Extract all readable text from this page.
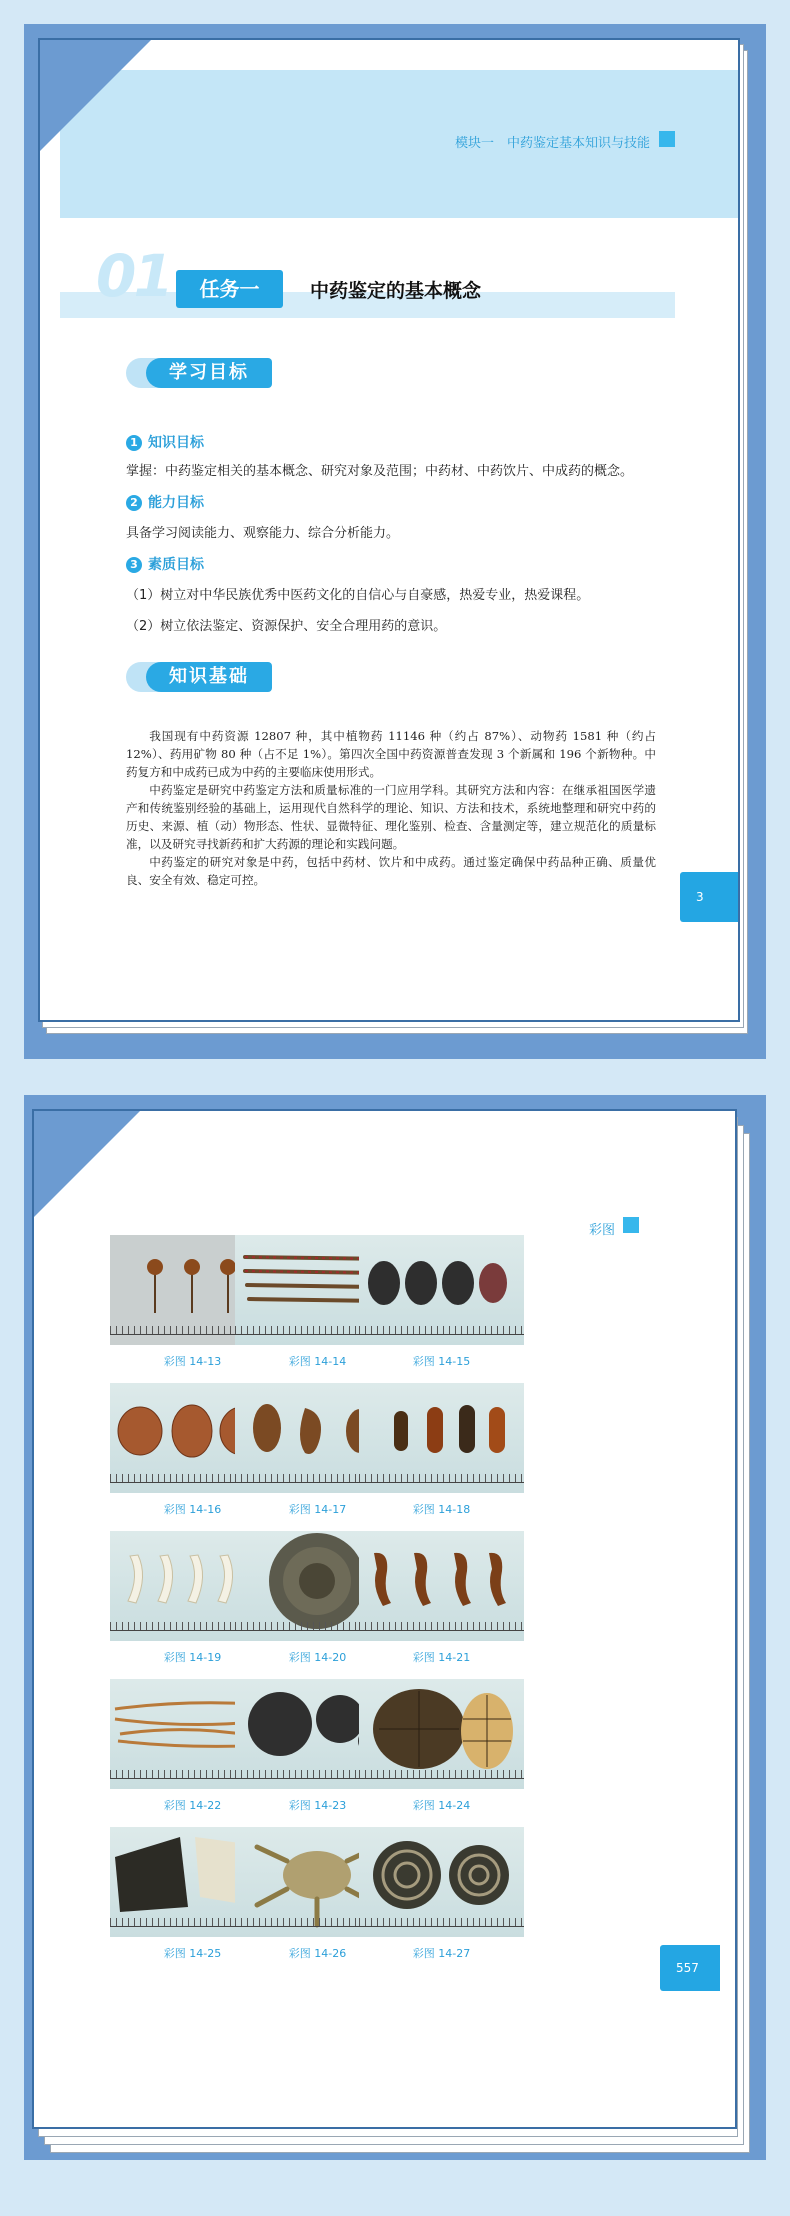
模块一　中药鉴定基本知识与技能
01	任务一	中药鉴定的基本概念
学习目标
1 知识目标
掌握：中药鉴定相关的基本概念、研究对象及范围；中药材、中药饮片、中成药的概念。
2 能力目标
具备学习阅读能力、观察能力、综合分析能力。
3 素质目标
（1）树立对中华民族优秀中医药文化的自信心与自豪感，热爱专业，热爱课程。
（2）树立依法鉴定、资源保护、安全合理用药的意识。
知识基础

我国现有中药资源 12807 种，其中植物药 11146 种（约占 87%）、动物药 1581 种（约占 12%）、药用矿物 80 种（占不足 1%）。第四次全国中药资源普查发现 3 个新属和 196 个新物种。中药复方和中成药已成为中药的主要临床使用形式。

中药鉴定是研究中药鉴定方法和质量标准的一门应用学科。其研究方法和内容：在继承祖国医学遗产和传统鉴别经验的基础上，运用现代自然科学的理论、知识、方法和技术，系统地整理和研究中药的历史、来源、植（动）物形态、性状、显微特征、理化鉴别、检查、含量测定等，建立规范化的质量标准，以及研究寻找新药和扩大药源的理论和实践问题。

中药鉴定的研究对象是中药，包括中药材、饮片和中成药。通过鉴定确保中药品种正确、质量优良、安全有效、稳定可控。

3
彩图
彩图 14-13	彩图 14-14	彩图 14-15
彩图 14-16	彩图 14-17	彩图 14-18
彩图 14-19	彩图 14-20	彩图 14-21
彩图 14-22	彩图 14-23	彩图 14-24
彩图 14-25	彩图 14-26	彩图 14-27
557
